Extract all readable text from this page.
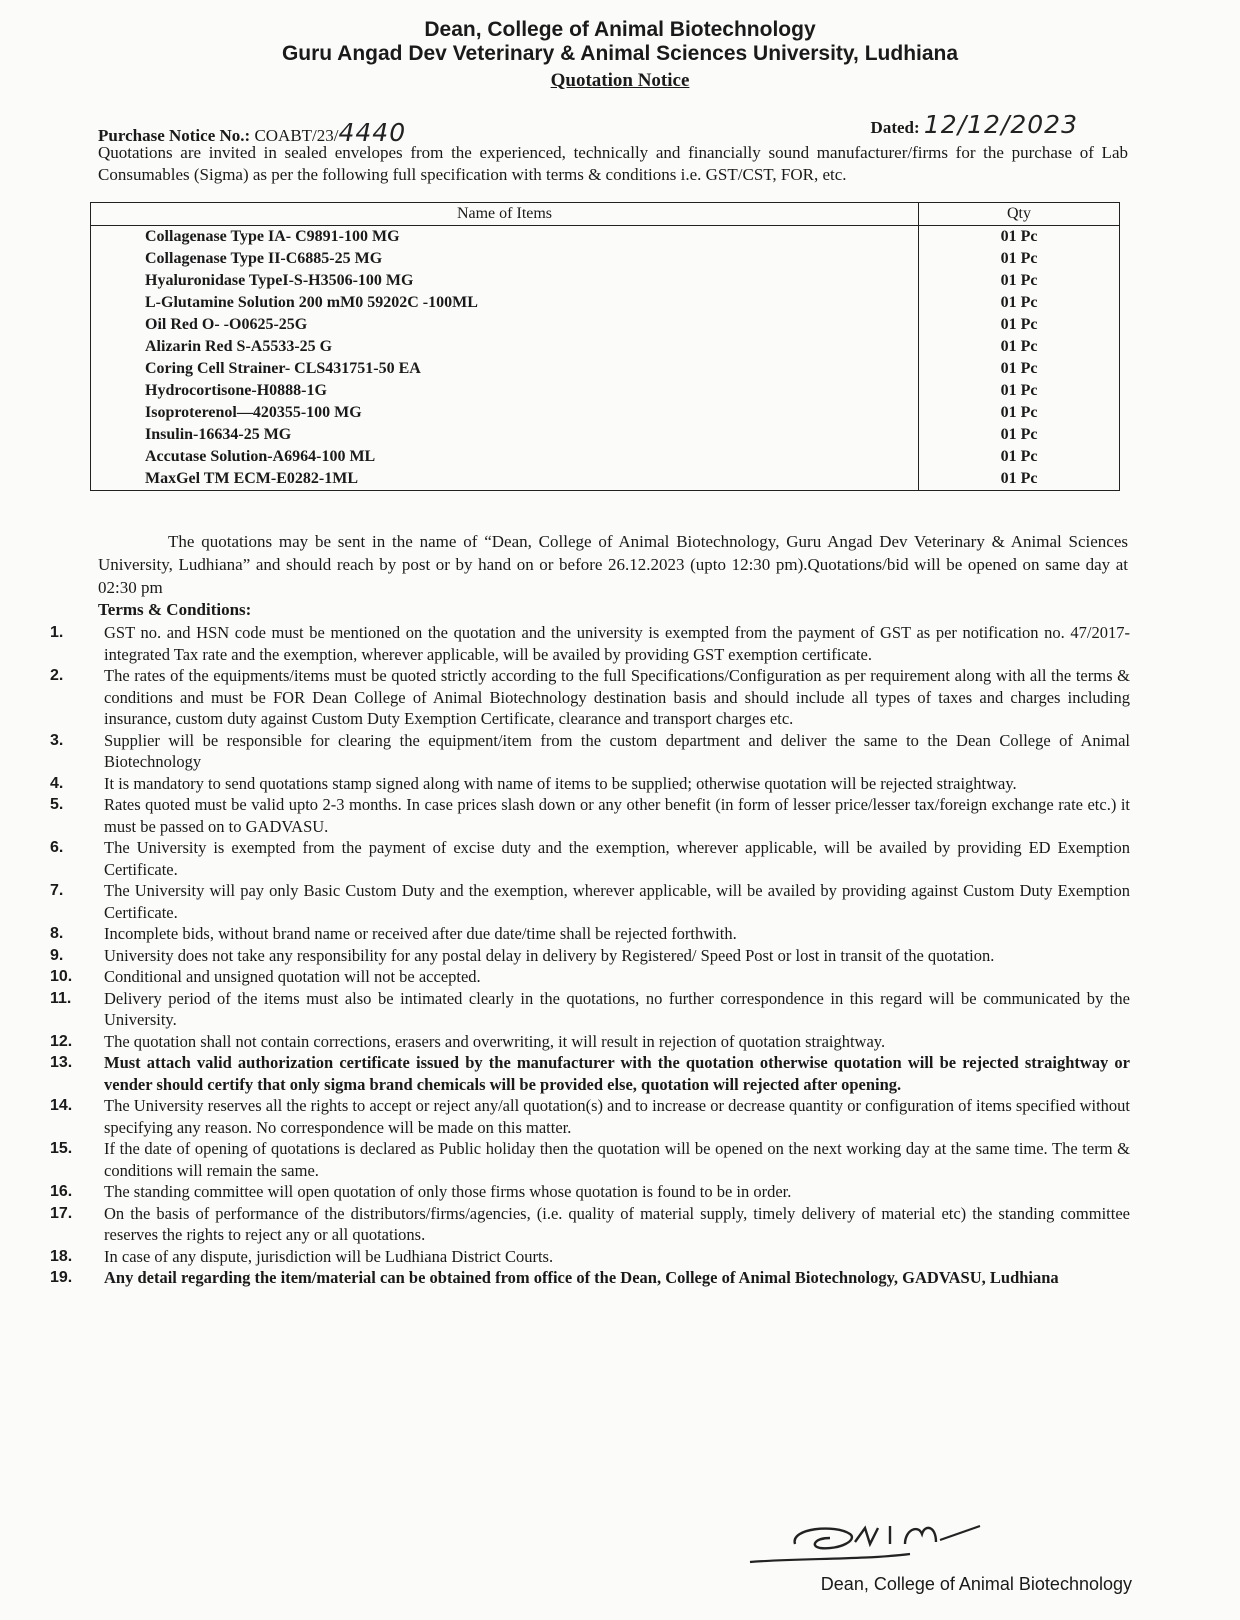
Dean, College of Animal Biotechnology
Guru Angad Dev Veterinary & Animal Sciences University, Ludhiana
Quotation Notice
Purchase Notice No.: COABT/23/4440	Dated: 12/12/2023
Quotations are invited in sealed envelopes from the experienced, technically and financially sound manufacturer/firms for the purchase of Lab Consumables (Sigma) as per the following full specification with terms & conditions i.e. GST/CST, FOR, etc.
Name of Items	Qty
Collagenase Type IA- C9891-100 MG	01 Pc
Collagenase Type II-C6885-25 MG	01 Pc
Hyaluronidase TypeI-S-H3506-100 MG	01 Pc
L-Glutamine Solution 200 mM0 59202C -100ML	01 Pc
Oil Red O- -O0625-25G	01 Pc
Alizarin Red S-A5533-25 G	01 Pc
Coring Cell Strainer- CLS431751-50 EA	01 Pc
Hydrocortisone-H0888-1G	01 Pc
Isoproterenol—420355-100 MG	01 Pc
Insulin-16634-25 MG	01 Pc
Accutase Solution-A6964-100 ML	01 Pc
MaxGel TM ECM-E0282-1ML	01 Pc
The quotations may be sent in the name of “Dean, College of Animal Biotechnology, Guru Angad Dev Veterinary & Animal Sciences University, Ludhiana” and should reach by post or by hand on or before 26.12.2023 (upto 12:30 pm).Quotations/bid will be opened on same day at 02:30 pm
Terms & Conditions:
1.	GST no. and HSN code must be mentioned on the quotation and the university is exempted from the payment of GST as per notification no. 47/2017-integrated Tax rate and the exemption, wherever applicable, will be availed by providing GST exemption certificate.
2.	The rates of the equipments/items must be quoted strictly according to the full Specifications/Configuration as per requirement along with all the terms & conditions and must be FOR Dean College of Animal Biotechnology destination basis and should include all types of taxes and charges including insurance, custom duty against Custom Duty Exemption Certificate, clearance and transport charges etc.
3.	Supplier will be responsible for clearing the equipment/item from the custom department and deliver the same to the Dean College of Animal Biotechnology
4.	It is mandatory to send quotations stamp signed along with name of items to be supplied; otherwise quotation will be rejected straightway.
5.	Rates quoted must be valid upto 2-3 months. In case prices slash down or any other benefit (in form of lesser price/lesser tax/foreign exchange rate etc.) it must be passed on to GADVASU.
6.	The University is exempted from the payment of excise duty and the exemption, wherever applicable, will be availed by providing ED Exemption Certificate.
7.	The University will pay only Basic Custom Duty and the exemption, wherever applicable, will be availed by providing against Custom Duty Exemption Certificate.
8.	Incomplete bids, without brand name or received after due date/time shall be rejected forthwith.
9.	University does not take any responsibility for any postal delay in delivery by Registered/ Speed Post or lost in transit of the quotation.
10.	Conditional and unsigned quotation will not be accepted.
11.	Delivery period of the items must also be intimated clearly in the quotations, no further correspondence in this regard will be communicated by the University.
12.	The quotation shall not contain corrections, erasers and overwriting, it will result in rejection of quotation straightway.
13.	Must attach valid authorization certificate issued by the manufacturer with the quotation otherwise quotation will be rejected straightway or vender should certify that only sigma brand chemicals will be provided else, quotation will rejected after opening.
14.	The University reserves all the rights to accept or reject any/all quotation(s) and to increase or decrease quantity or configuration of items specified without specifying any reason. No correspondence will be made on this matter.
15.	If the date of opening of quotations is declared as Public holiday then the quotation will be opened on the next working day at the same time. The term & conditions will remain the same.
16.	The standing committee will open quotation of only those firms whose quotation is found to be in order.
17.	On the basis of performance of the distributors/firms/agencies, (i.e. quality of material supply, timely delivery of material etc) the standing committee reserves the rights to reject any or all quotations.
18.	In case of any dispute, jurisdiction will be Ludhiana District Courts.
19.	Any detail regarding the item/material can be obtained from office of the Dean, College of Animal Biotechnology, GADVASU, Ludhiana
Dean, College of Animal Biotechnology
